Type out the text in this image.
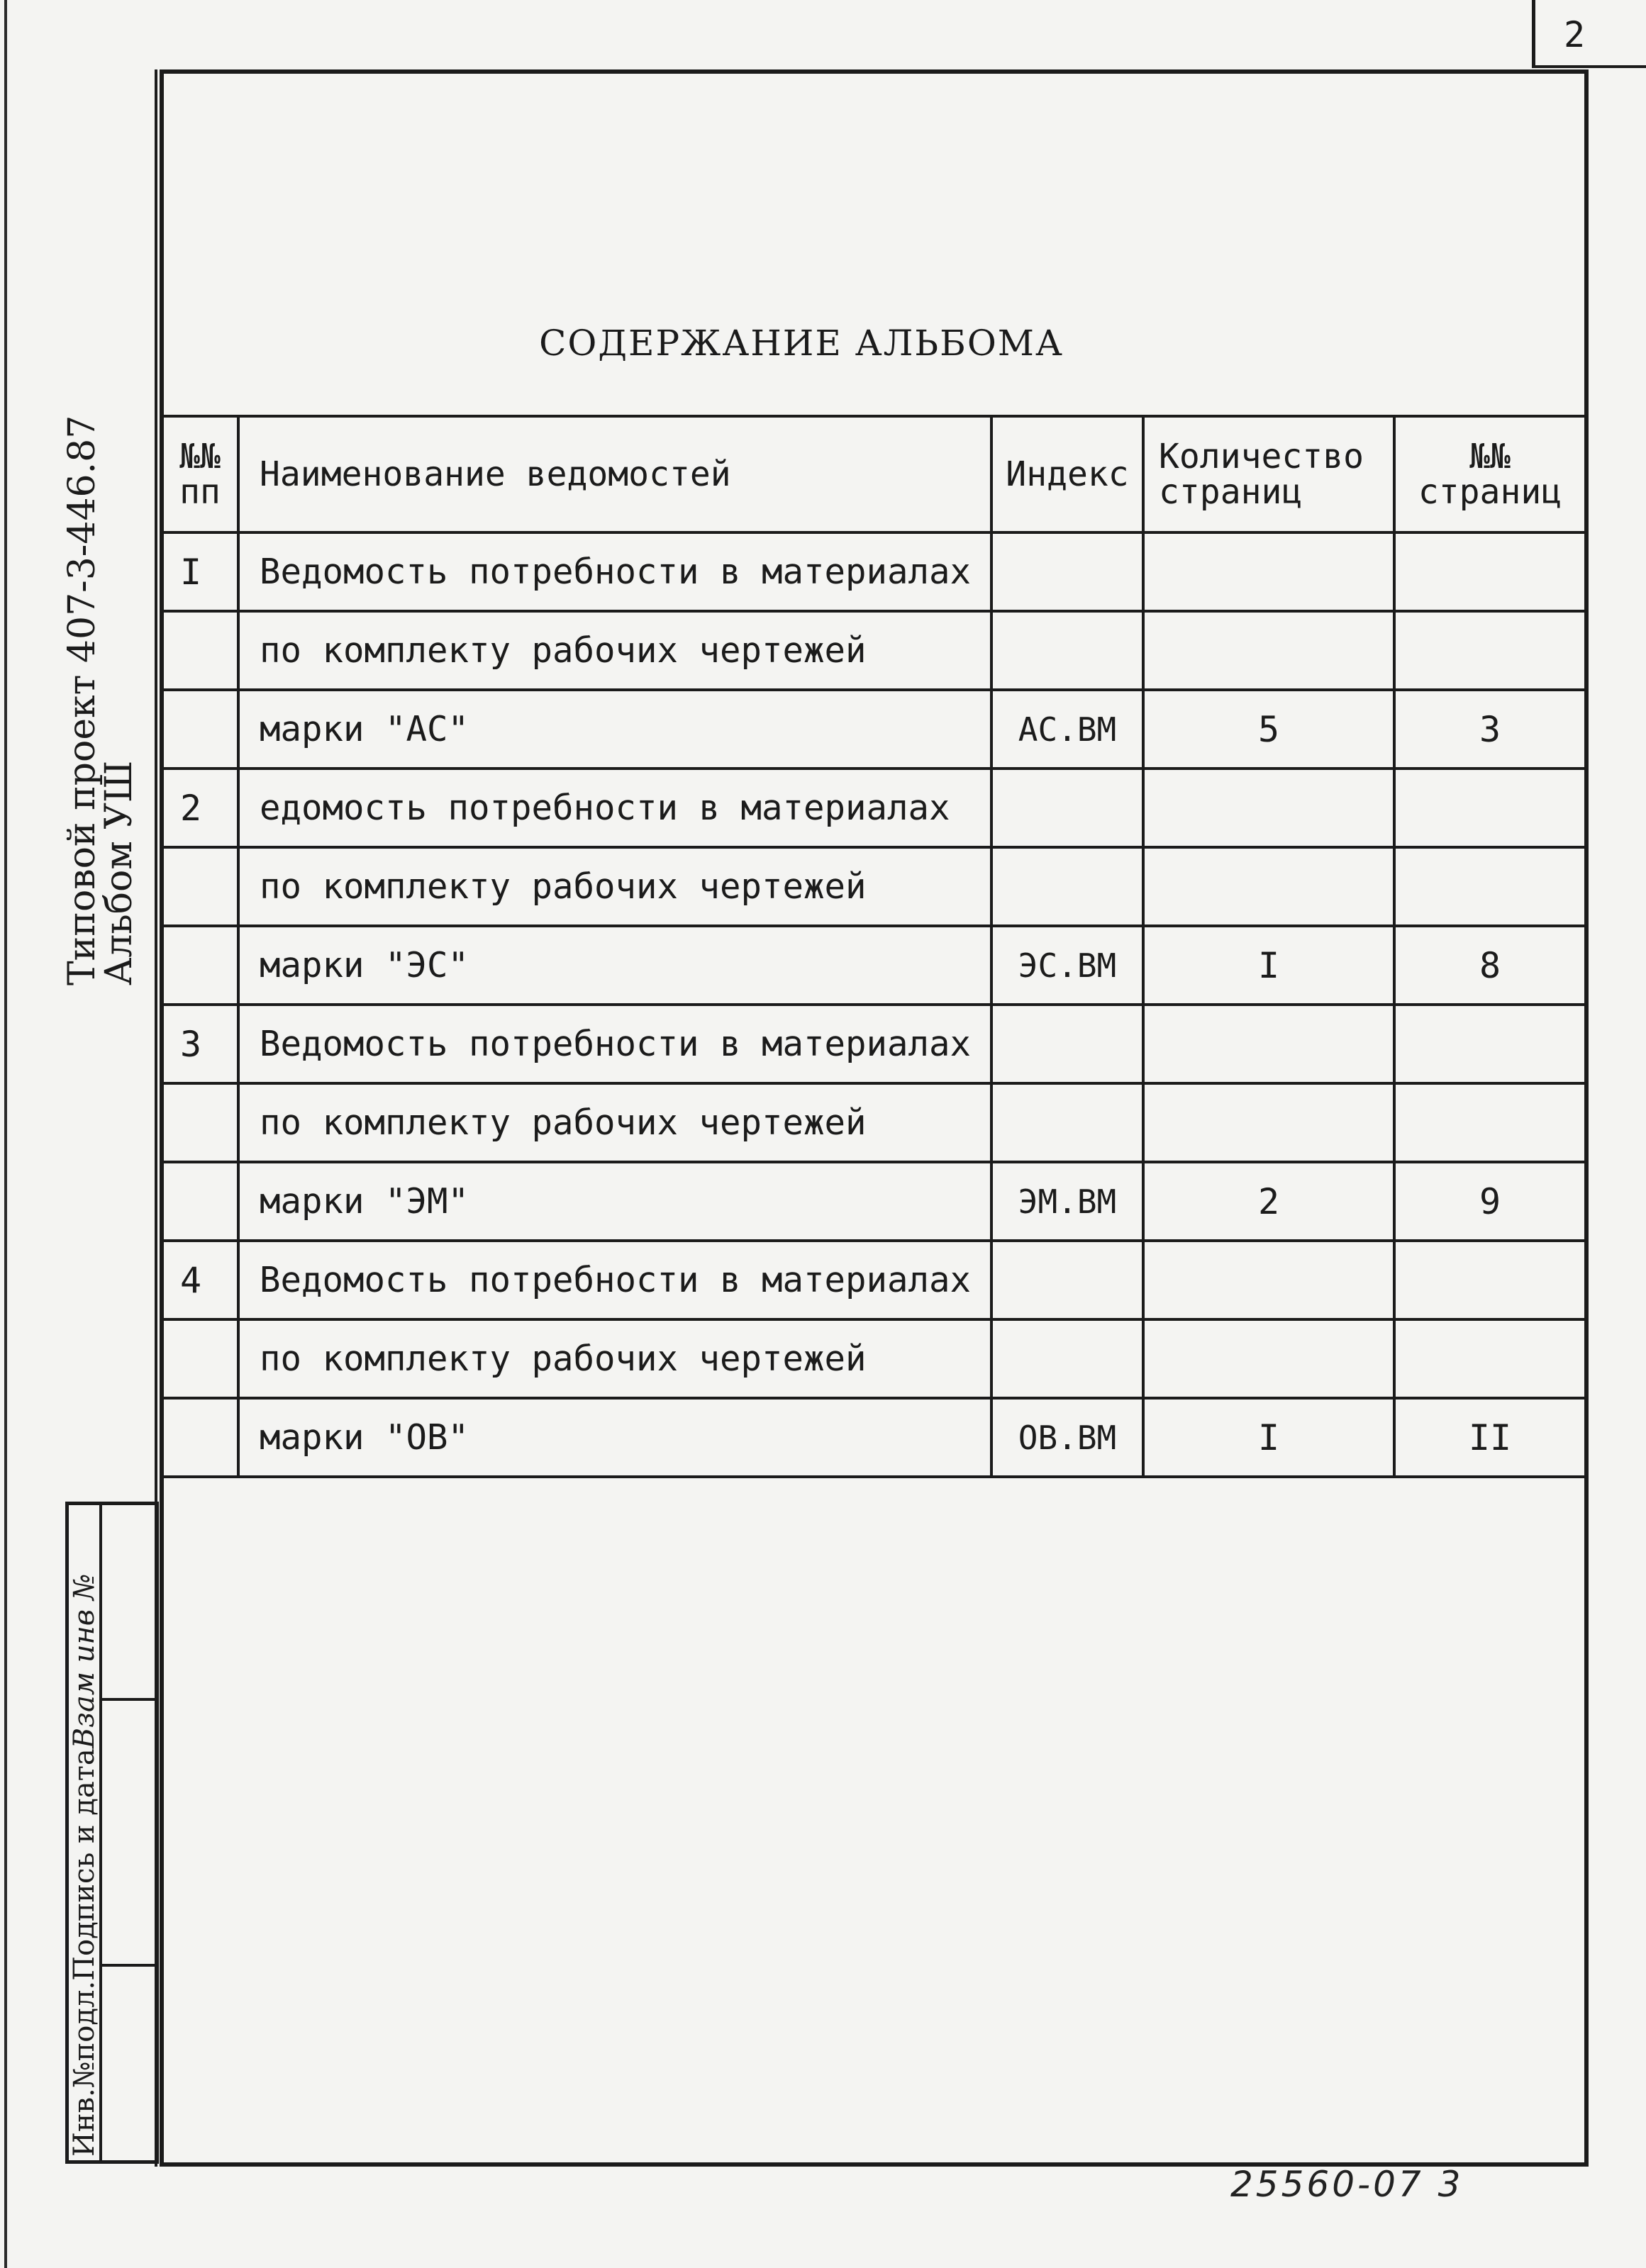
2
Типовой проект 407-3-446.87
Альбом УШ
СОДЕРЖАНИЕ АЛЬБОМА
№№ пп	Наименование ведомостей	Индекс	Количество страниц	№№ страниц
I	Ведомость потребности в материалах			
	по комплекту рабочих чертежей			
	марки "АС"	АС.ВМ	5	3
2	едомость потребности в материалах			
	по комплекту рабочих чертежей			
	марки "ЭС"	ЭС.ВМ	I	8
3	Ведомость потребности в материалах			
	по комплекту рабочих чертежей			
	марки "ЭМ"	ЭМ.ВМ	2	9
4	Ведомость потребности в материалах			
	по комплекту рабочих чертежей			
	марки "ОВ"	ОВ.ВМ	I	II
Инв.№подл.Подпись и датаВзам инв №
25560-07 3
